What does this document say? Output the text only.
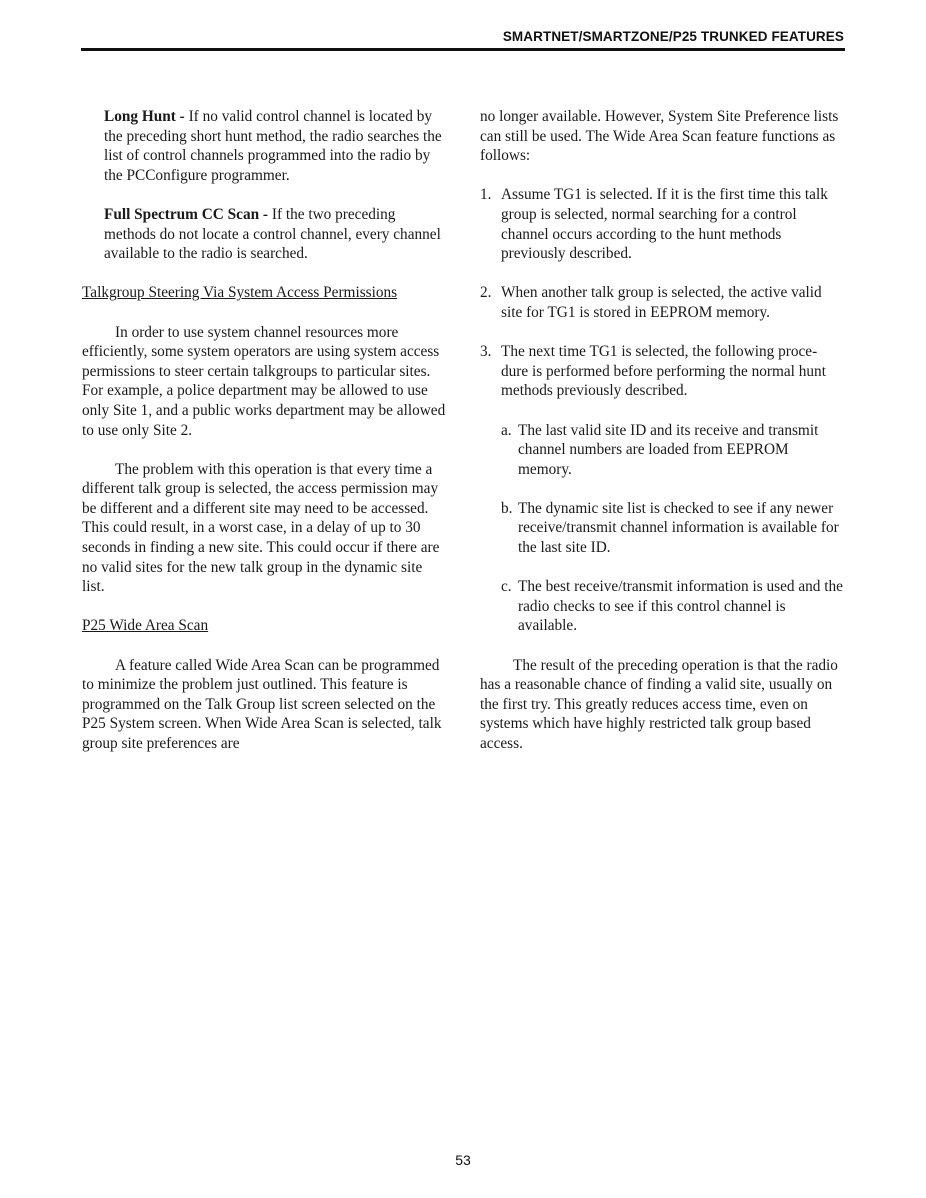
SMARTNET/SMARTZONE/P25 TRUNKED FEATURES

Long Hunt - If no valid control channel is located by the preceding short hunt method, the radio searches the list of control channels programmed into the radio by the PCConfigure programmer.

Full Spectrum CC Scan - If the two preceding methods do not locate a control channel, every channel available to the radio is searched.

Talkgroup Steering Via System Access Permissions

In order to use system channel resources more efficiently, some system operators are using system access permissions to steer certain talkgroups to particular sites. For example, a police department may be allowed to use only Site 1, and a public works department may be allowed to use only Site 2.

The problem with this operation is that every time a different talk group is selected, the access permission may be different and a different site may need to be accessed. This could result, in a worst case, in a delay of up to 30 seconds in finding a new site. This could occur if there are no valid sites for the new talk group in the dynamic site list.

P25 Wide Area Scan

A feature called Wide Area Scan can be programmed to minimize the problem just outlined. This feature is programmed on the Talk Group list screen selected on the P25 System screen. When Wide Area Scan is selected, talk group site preferences are

no longer available. However, System Site Preference lists can still be used. The Wide Area Scan feature functions as follows:

1. Assume TG1 is selected. If it is the first time this talk group is selected, normal searching for a control channel occurs according to the hunt methods previously described.
2. When another talk group is selected, the active valid site for TG1 is stored in EEPROM memory.
3. The next time TG1 is selected, the following proce-dure is performed before performing the normal hunt methods previously described.
a. The last valid site ID and its receive and transmit channel numbers are loaded from EEPROM memory.
b. The dynamic site list is checked to see if any newer receive/transmit channel information is available for the last site ID.
c. The best receive/transmit information is used and the radio checks to see if this control channel is available.

The result of the preceding operation is that the radio has a reasonable chance of finding a valid site, usually on the first try. This greatly reduces access time, even on systems which have highly restricted talk group based access.

53
